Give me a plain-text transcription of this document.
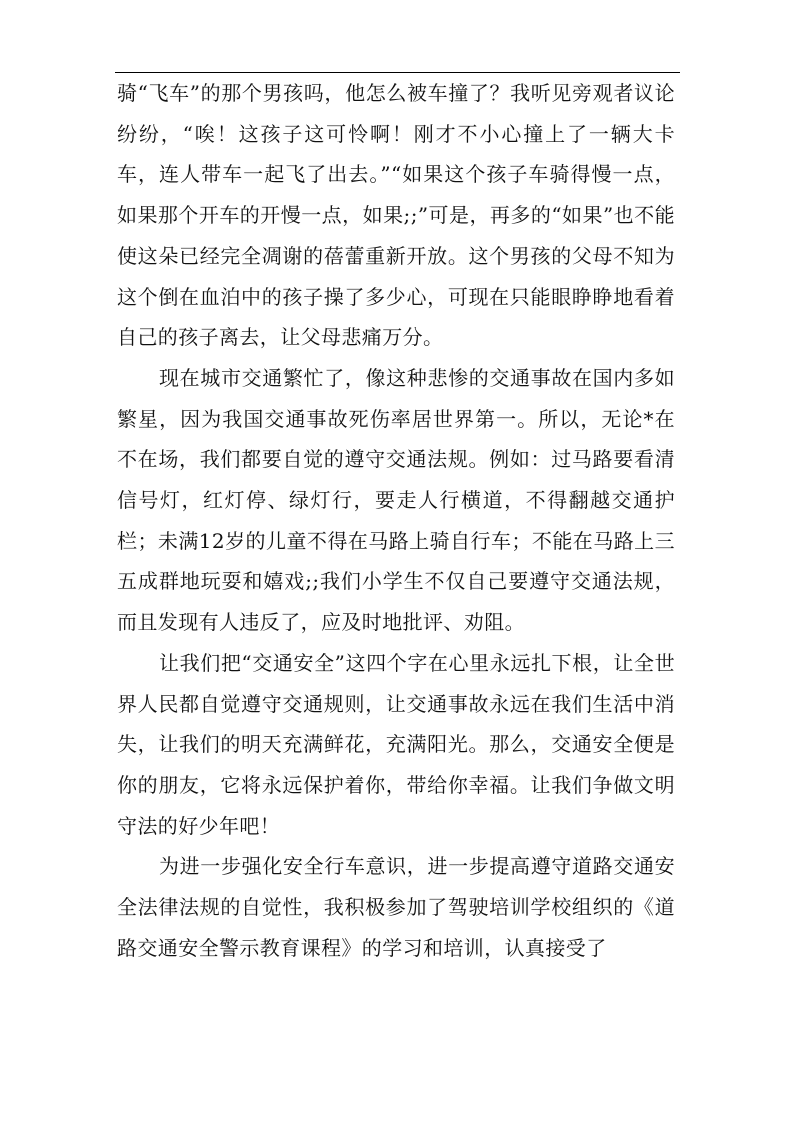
骑“飞车”的那个男孩吗，他怎么被车撞了？我听见旁观者议论纷纷，“唉！这孩子这可怜啊！刚才不小心撞上了一辆大卡车，连人带车一起飞了出去。”“如果这个孩子车骑得慢一点，如果那个开车的开慢一点，如果;;”可是，再多的“如果”也不能使这朵已经完全凋谢的蓓蕾重新开放。这个男孩的父母不知为这个倒在血泊中的孩子操了多少心，可现在只能眼睁睁地看着自己的孩子离去，让父母悲痛万分。

现在城市交通繁忙了，像这种悲惨的交通事故在国内多如繁星，因为我国交通事故死伤率居世界第一。所以，无论*在不在场，我们都要自觉的遵守交通法规。例如：过马路要看清信号灯，红灯停、绿灯行，要走人行横道，不得翻越交通护栏；未满12岁的儿童不得在马路上骑自行车；不能在马路上三五成群地玩耍和嬉戏;;我们小学生不仅自己要遵守交通法规，而且发现有人违反了，应及时地批评、劝阻。

让我们把“交通安全”这四个字在心里永远扎下根，让全世界人民都自觉遵守交通规则，让交通事故永远在我们生活中消失，让我们的明天充满鲜花，充满阳光。那么，交通安全便是你的朋友，它将永远保护着你，带给你幸福。让我们争做文明守法的好少年吧！

为进一步强化安全行车意识，进一步提高遵守道路交通安全法律法规的自觉性，我积极参加了驾驶培训学校组织的《道路交通安全警示教育课程》的学习和培训，认真接受了
